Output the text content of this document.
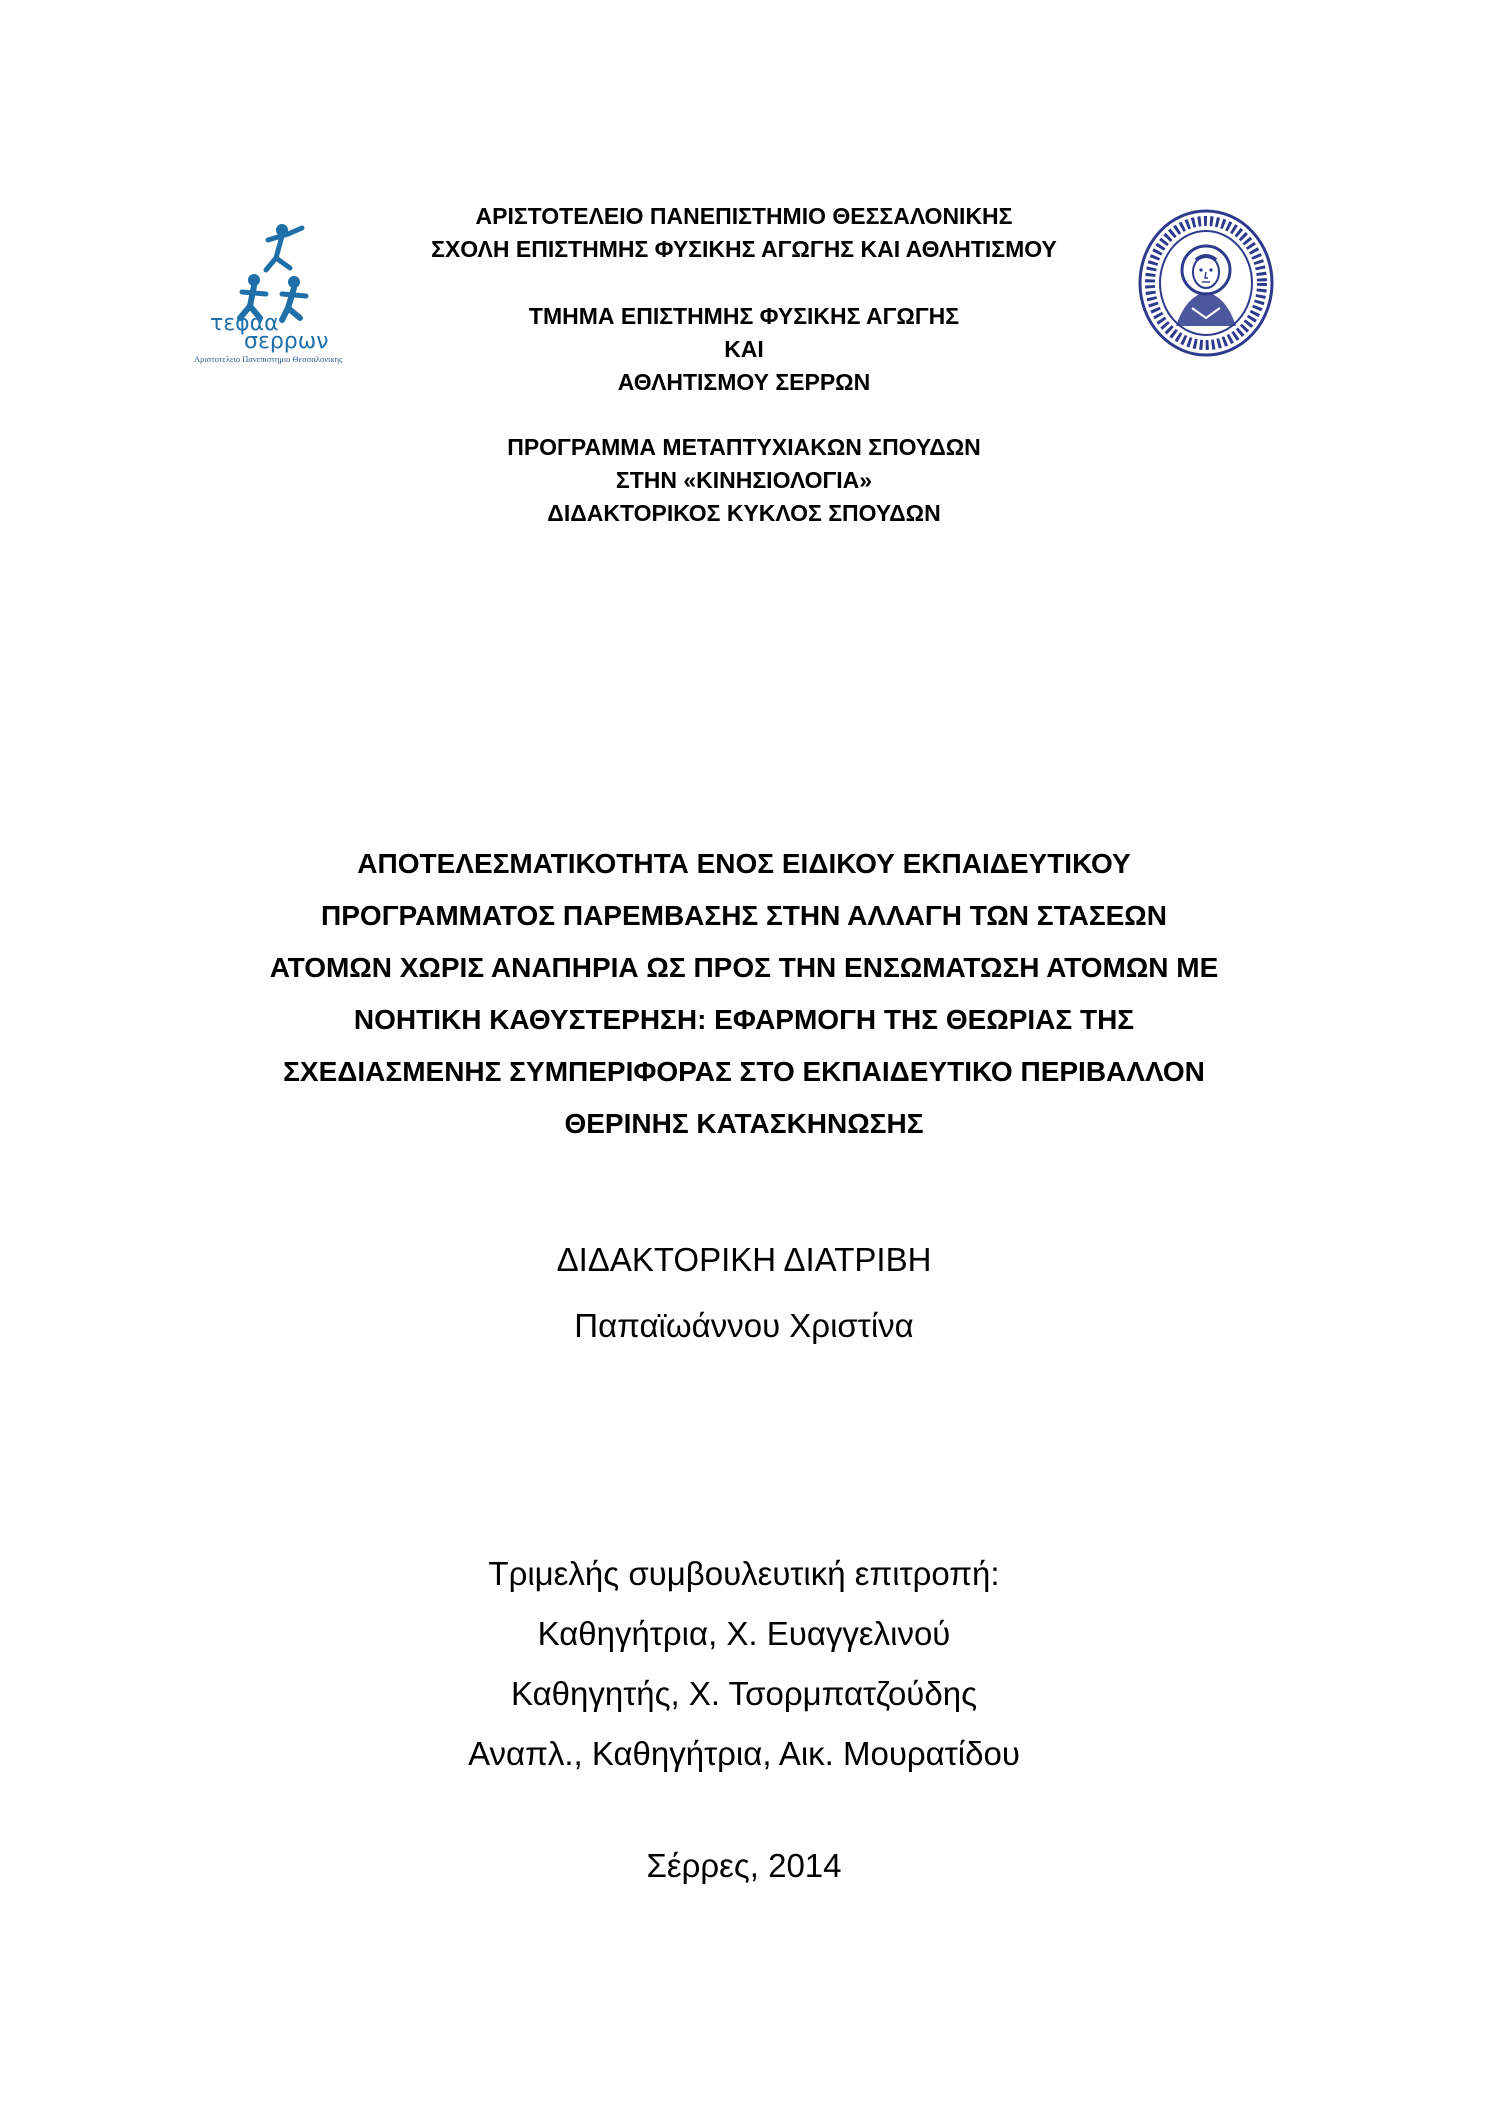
τεφαα
σερρων
Αριστοτελειο Πανεπιστημιο Θεσσαλονικης
ΑΡΙΣΤΟΤΕΛΕΙΟ ΠΑΝΕΠΙΣΤΗΜΙΟ ΘΕΣΣΑΛΟΝΙΚΗΣ
ΣΧΟΛΗ ΕΠΙΣΤΗΜΗΣ ΦΥΣΙΚΗΣ ΑΓΩΓΗΣ ΚΑΙ ΑΘΛΗΤΙΣΜΟΥ
ΤΜΗΜΑ ΕΠΙΣΤΗΜΗΣ ΦΥΣΙΚΗΣ ΑΓΩΓΗΣ
ΚΑΙ
ΑΘΛΗΤΙΣΜΟΥ ΣΕΡΡΩΝ
ΠΡΟΓΡΑΜΜΑ ΜΕΤΑΠΤΥΧΙΑΚΩΝ ΣΠΟΥΔΩΝ
ΣΤΗΝ «ΚΙΝΗΣΙΟΛΟΓΙΑ»
ΔΙΔΑΚΤΟΡΙΚΟΣ ΚΥΚΛΟΣ ΣΠΟΥΔΩΝ
ΑΠΟΤΕΛΕΣΜΑΤΙΚΟΤΗΤΑ ΕΝΟΣ ΕΙΔΙΚΟΥ ΕΚΠΑΙΔΕΥΤΙΚΟΥ
ΠΡΟΓΡΑΜΜΑΤΟΣ ΠΑΡΕΜΒΑΣΗΣ ΣΤΗΝ ΑΛΛΑΓΗ ΤΩΝ ΣΤΑΣΕΩΝ
ΑΤΟΜΩΝ ΧΩΡΙΣ ΑΝΑΠΗΡΙΑ ΩΣ ΠΡΟΣ ΤΗΝ ΕΝΣΩΜΑΤΩΣΗ ΑΤΟΜΩΝ ΜΕ
ΝΟΗΤΙΚΗ ΚΑΘΥΣΤΕΡΗΣΗ: ΕΦΑΡΜΟΓΗ ΤΗΣ ΘΕΩΡΙΑΣ ΤΗΣ
ΣΧΕΔΙΑΣΜΕΝΗΣ ΣΥΜΠΕΡΙΦΟΡΑΣ ΣΤΟ ΕΚΠΑΙΔΕΥΤΙΚΟ ΠΕΡΙΒΑΛΛΟΝ
ΘΕΡΙΝΗΣ ΚΑΤΑΣΚΗΝΩΣΗΣ
ΔΙΔΑΚΤΟΡΙΚΗ ΔΙΑΤΡΙΒΗ
Παπαϊωάννου Χριστίνα
Τριμελής συμβουλευτική επιτροπή:
Καθηγήτρια, Χ. Ευαγγελινού
Καθηγητής, Χ. Τσορμπατζούδης
Αναπλ., Καθηγήτρια, Αικ. Μουρατίδου
Σέρρες, 2014
